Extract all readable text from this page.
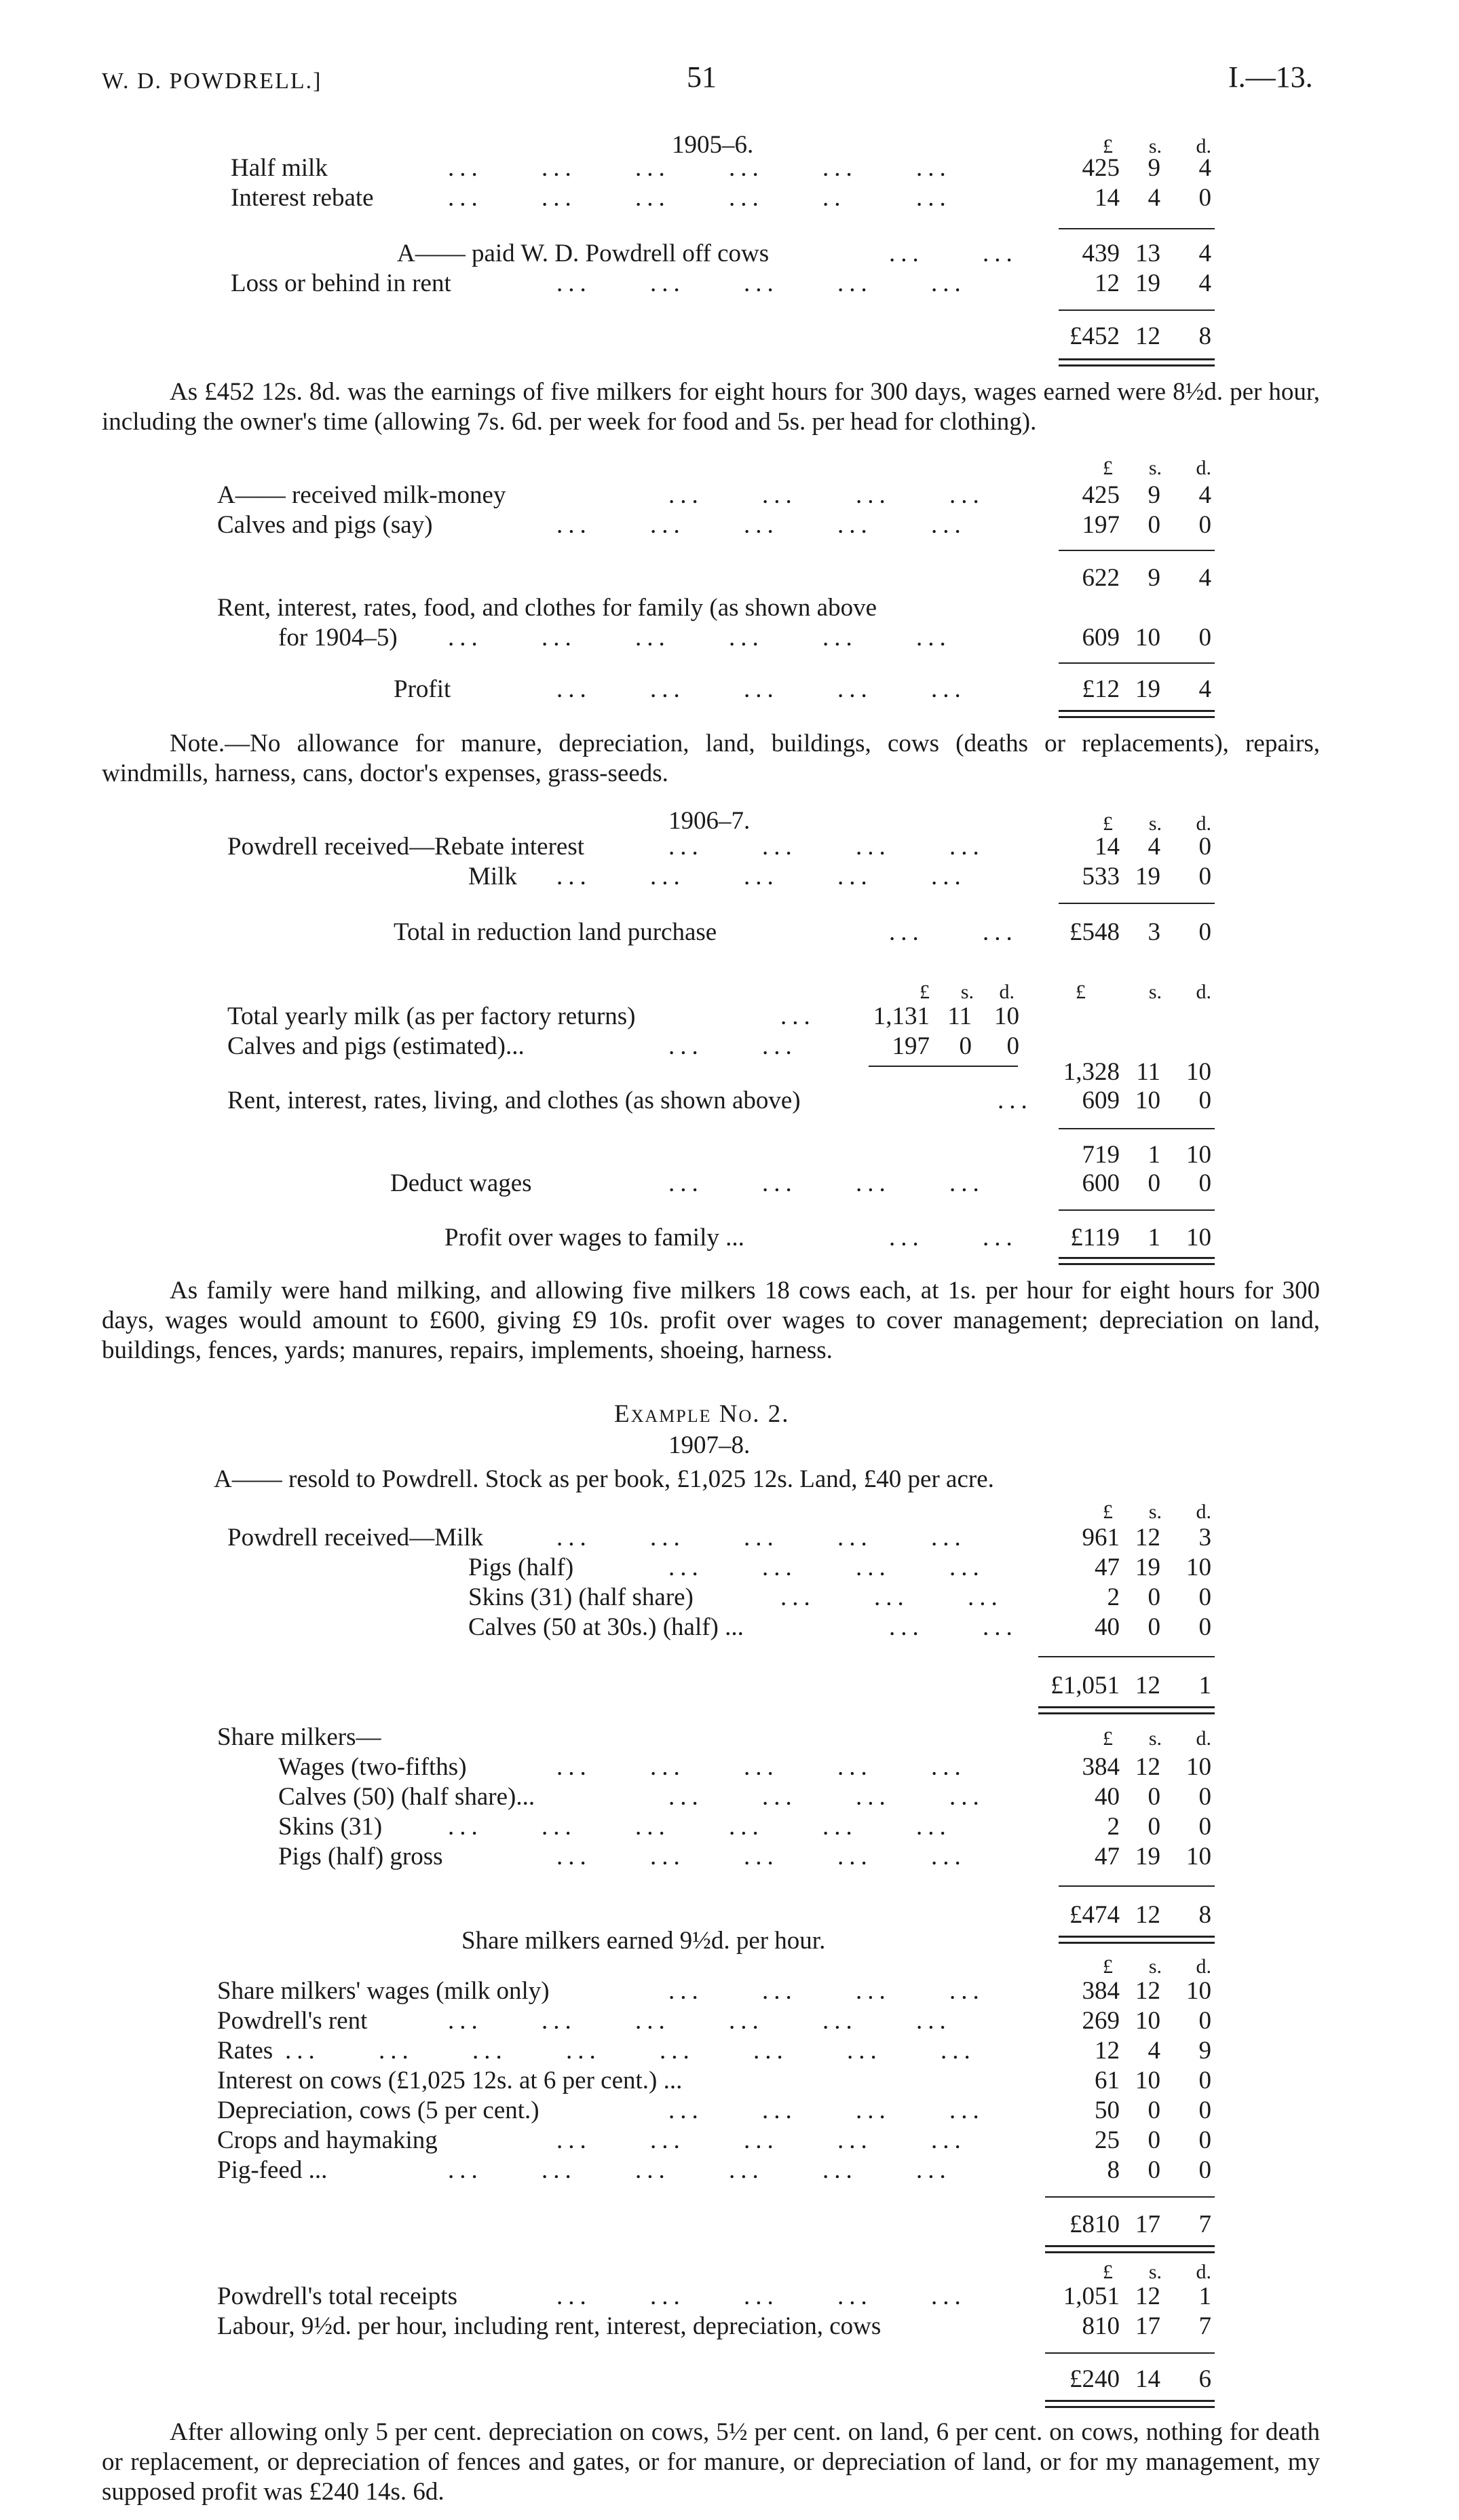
W. D. POWDRELL.]	51	I.—13.
1905–6.	£	s.	d.
Half milk	...     ...     ...     ...     ...     ...	425	9	4
Interest rebate	...     ...     ...     ...     ..      ...	14	4	0
A—— paid W. D. Powdrell off cows	...     ...	439 13	4
Loss or behind in rent	...     ...     ...     ...     ...	12 19	4
£452 12	8
As £452 12s. 8d. was the earnings of five milkers for eight hours for 300 days, wages earned were 8½d. per hour, including the owner's time (allowing 7s. 6d. per week for food and 5s. per head for clothing).
£	s.	d.
A—— received milk-money	...     ...     ...     ...	425	9	4
Calves and pigs (say)	...     ...     ...     ...     ...	197	0	0
622	9	4
Rent, interest, rates, food, and clothes for family (as shown above
for 1904–5) ...     ...     ...     ...     ...     ...	609 10	0
Profit	...     ...     ...     ...     ...	£12 19	4
Note.—No allowance for manure, depreciation, land, buildings, cows (deaths or replacements), repairs, windmills, harness, cans, doctor's expenses, grass-seeds.
1906–7.	£	s.	d.
Powdrell received—Rebate interest	...     ...     ...     ...	14	4	0
Milk ...     ...     ...     ...     ...	533 19	0
Total in reduction land purchase	...     ...	£548	3	0
£	s.	d.	£	s.	d.
Total yearly milk (as per factory returns)	...	1,131 11 10
Calves and pigs (estimated)...	...     ...	197	0	0
1,328 11 10
Rent, interest, rates, living, and clothes (as shown above)	...	609 10	0
719	1 10
Deduct wages	...     ...     ...     ...	600	0	0
Profit over wages to family ...	...     ...	£119	1 10
As family were hand milking, and allowing five milkers 18 cows each, at 1s. per hour for eight hours for 300 days, wages would amount to £600, giving £9 10s. profit over wages to cover management; depreciation on land, buildings, fences, yards; manures, repairs, implements, shoeing, harness.
Example No. 2.
1907–8.
A—— resold to Powdrell. Stock as per book, £1,025 12s. Land, £40 per acre.
£	s.	d.
Powdrell received—Milk	...     ...     ...     ...     ...	961 12	3
Pigs (half)	...     ...     ...     ...	47 19 10
Skins (31) (half share)	...     ...     ...	2	0	0
Calves (50 at 30s.) (half) ...	...     ...	40	0	0
£1,051 12	1
Share milkers—	£	s.	d.
Wages (two-fifths)	...     ...     ...     ...     ...	384 12 10
Calves (50) (half share)...	...     ...     ...     ...	40	0	0
Skins (31)	...     ...     ...     ...     ...     ...	2	0	0
Pigs (half) gross	...     ...     ...     ...     ...	47 19 10
£474 12	8
Share milkers earned 9½d. per hour.
£	s.	d.
Share milkers' wages (milk only)	...     ...     ...     ...	384 12 10
Powdrell's rent	...     ...     ...     ...     ...     ...	269 10	0
Rates ...     ...     ...     ...     ...     ...     ...     ...	12	4	9
Interest on cows (£1,025 12s. at 6 per cent.) ...	61 10	0
Depreciation, cows (5 per cent.)	...     ...     ...     ...	50	0	0
Crops and haymaking	...     ...     ...     ...     ...	25	0	0
Pig-feed ...	...     ...     ...     ...     ...     ...	8	0	0
£810 17	7
£	s.	d.
Powdrell's total receipts	...     ...     ...     ...     ...	1,051 12	1
Labour, 9½d. per hour, including rent, interest, depreciation, cows	810 17	7
£240 14	6
After allowing only 5 per cent. depreciation on cows, 5½ per cent. on land, 6 per cent. on cows, nothing for death or replacement, or depreciation of fences and gates, or for manure, or depreciation of land, or for my management, my supposed profit was £240 14s. 6d.
